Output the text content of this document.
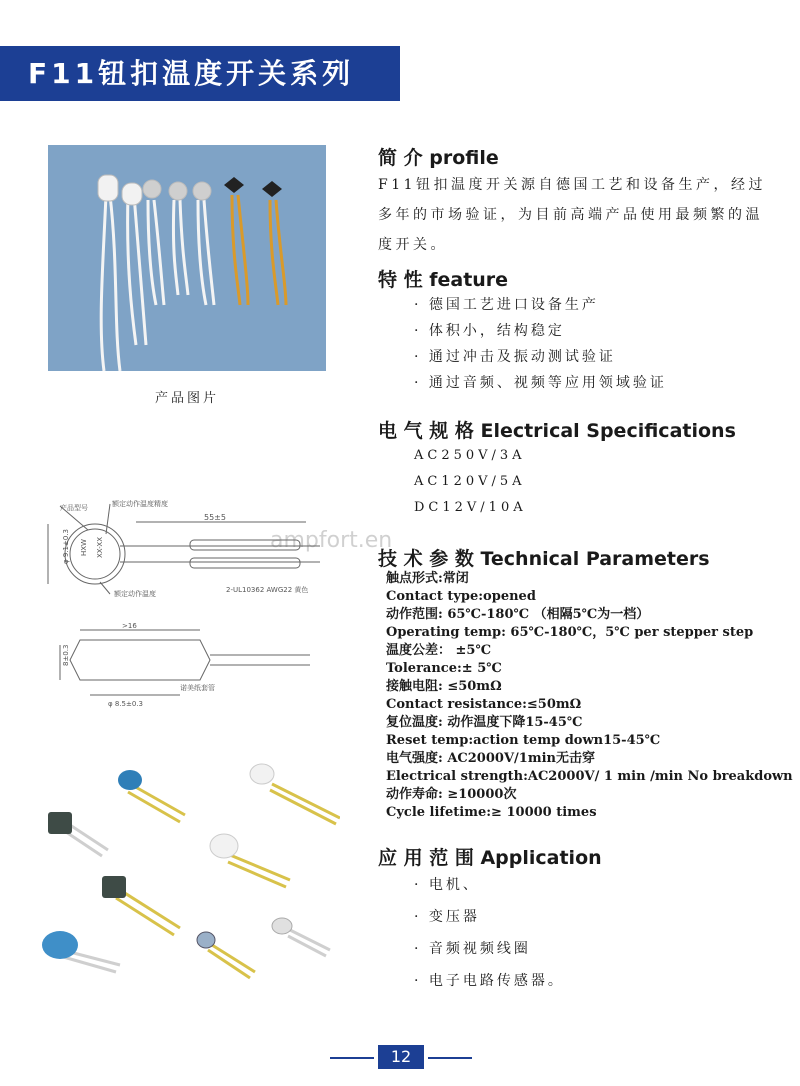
F11钮扣温度开关系列
产品图片
简 介 profile

F11钮扣温度开关源自德国工艺和设备生产，经过多年的市场验证，为目前高端产品使用最频繁的温度开关。

特 性 feature
· 德国工艺进口设备生产
· 体积小，结构稳定
· 通过冲击及振动测试验证
· 通过音频、视频等应用领域验证
电 气 规 格 Electrical Specifications
AC250V/3A
AC120V/5A
DC12V/10A
ampfort.en
技 术 参 数 Technical Parameters
触点形式:常闭
Contact type:opened
动作范围: 65℃-180℃ （相隔5℃为一档）
Operating temp: 65℃-180℃，5℃ per stepper step
温度公差： ±5℃
Tolerance:± 5℃
接触电阻: ≤50mΩ
Contact resistance:≤50mΩ
复位温度: 动作温度下降15-45℃
Reset temp:action temp down15-45℃
电气强度: AC2000V/1min无击穿
Electrical strength:AC2000V/ 1 min /min No breakdown
动作寿命: ≥10000次
Cycle lifetime:≥ 10000 times
应 用 范 围 Application
· 电机、
· 变压器
· 音频视频线圈
· 电子电路传感器。
产品型号	额定动作温度精度
额定动作温度
55±5
φ 9.1±0.3
2-UL10362 AWG22 黄色
HXW XX-XX
>16
8±0.3
φ 8.5±0.3
诺美纸套管
12
